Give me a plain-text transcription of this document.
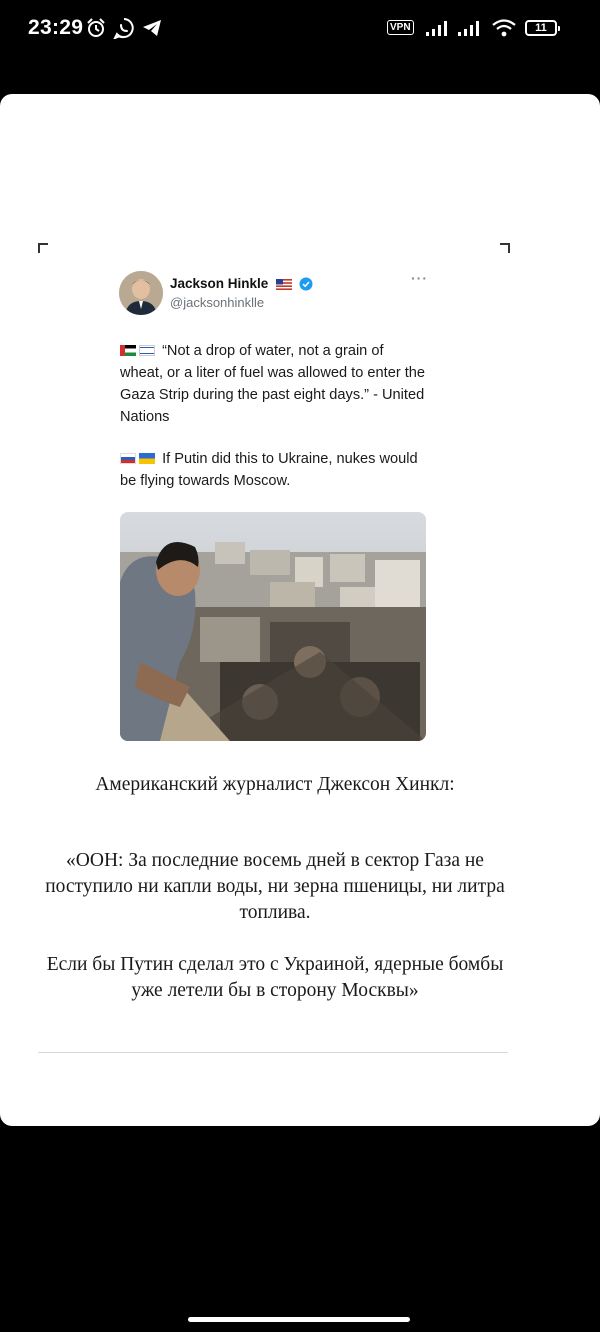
23:29	VPN	11
Jackson Hinkle
@jacksonhinklle
···

“Not a drop of water, not a grain of wheat, or a liter of fuel was allowed to enter the Gaza Strip during the past eight days.” - United Nations

If Putin did this to Ukraine, nukes would be flying towards Moscow.

Американский журналист Джексон Хинкл:

«ООН: За последние восемь дней в сектор Газа не поступило ни капли воды, ни зерна пшеницы, ни литра топлива.

Если бы Путин сделал это с Украиной, ядерные бомбы уже летели бы в сторону Москвы»
